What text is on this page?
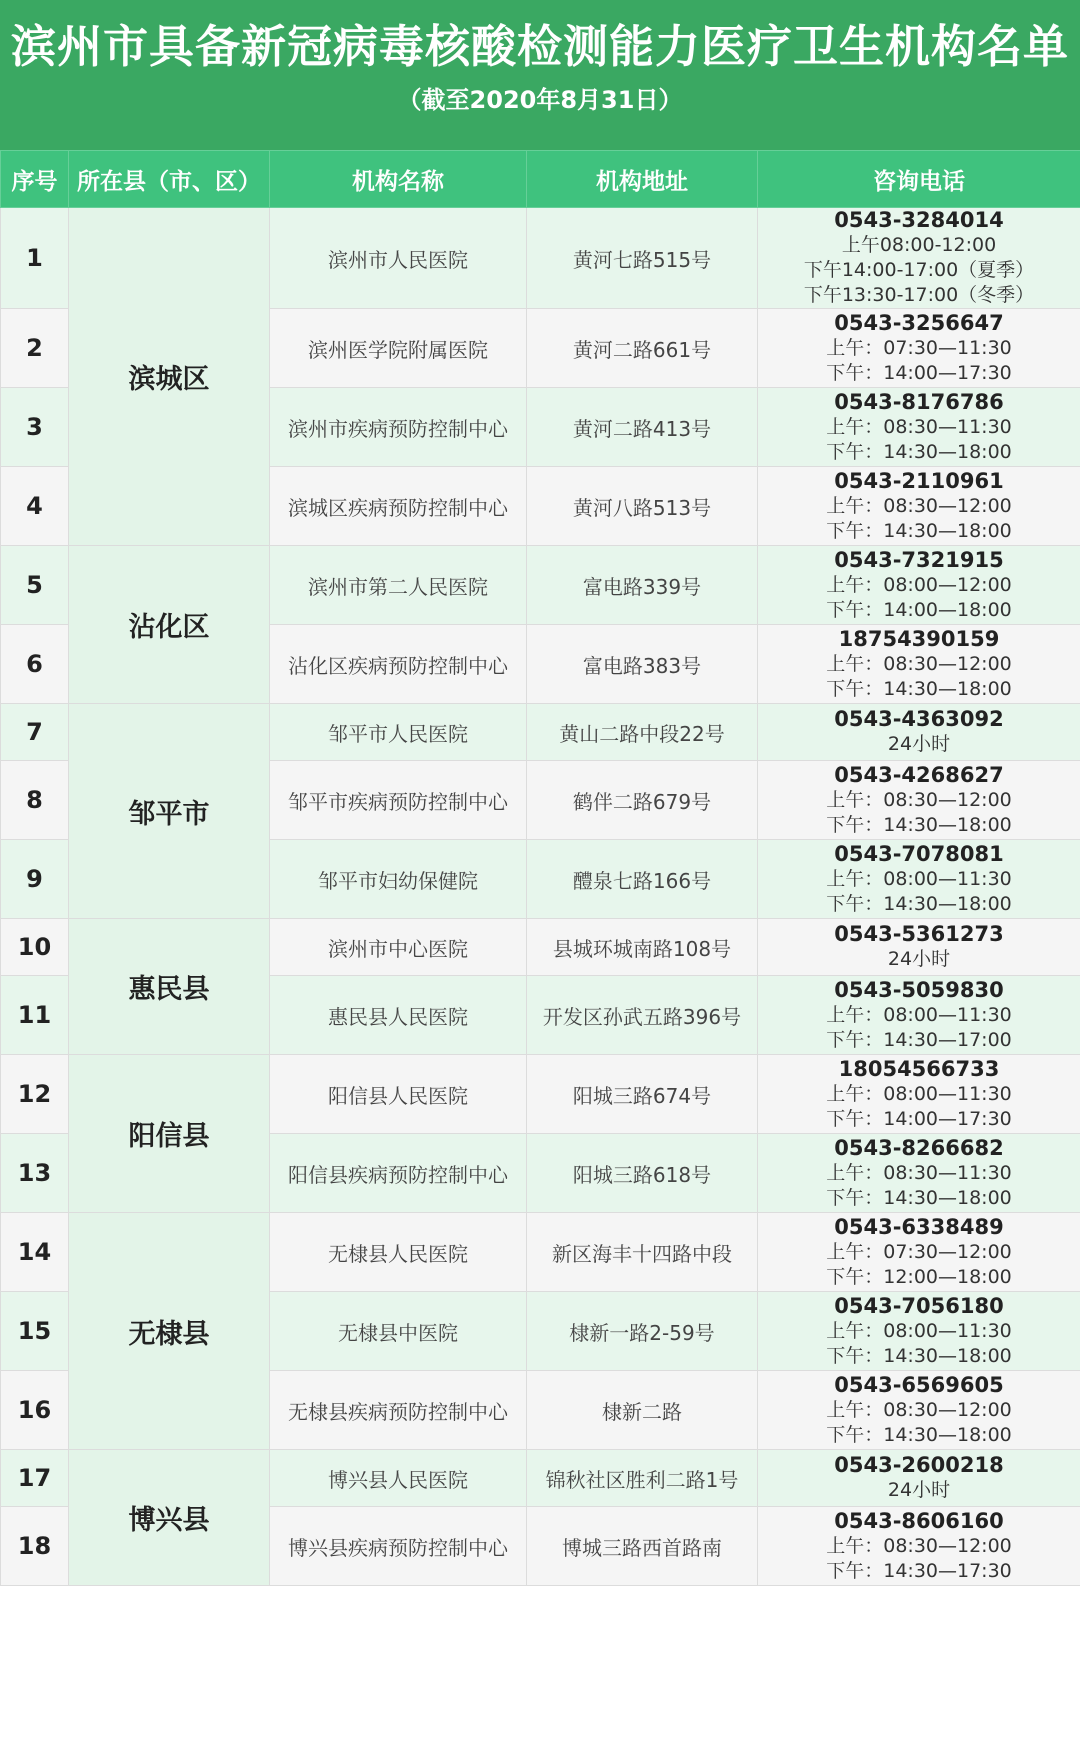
滨州市具备新冠病毒核酸检测能力医疗卫生机构名单
（截至2020年8月31日）
序号	所在县（市、区）	机构名称	机构地址	咨询电话
1	滨城区	滨州市人民医院	黄河七路515号	0543-3284014
上午08:00-12:00
下午14:00-17:00（夏季）
下午13:30-17:00（冬季）

2		滨州医学院附属医院	黄河二路661号	0543-3256647
上午：07:30—11:30
下午：14:00—17:30

3		滨州市疾病预防控制中心	黄河二路413号	0543-8176786
上午：08:30—11:30
下午：14:30—18:00

4		滨城区疾病预防控制中心	黄河八路513号	0543-2110961
上午：08:30—12:00
下午：14:30—18:00

5	沾化区	滨州市第二人民医院	富电路339号	0543-7321915
上午：08:00—12:00
下午：14:00—18:00

6		沾化区疾病预防控制中心	富电路383号	18754390159
上午：08:30—12:00
下午：14:30—18:00

7	邹平市	邹平市人民医院	黄山二路中段22号	0543-4363092
24小时

8		邹平市疾病预防控制中心	鹤伴二路679号	0543-4268627
上午：08:30—12:00
下午：14:30—18:00

9		邹平市妇幼保健院	醴泉七路166号	0543-7078081
上午：08:00—11:30
下午：14:30—18:00

10	惠民县	滨州市中心医院	县城环城南路108号	0543-5361273
24小时

11		惠民县人民医院	开发区孙武五路396号	0543-5059830
上午：08:00—11:30
下午：14:30—17:00

12	阳信县	阳信县人民医院	阳城三路674号	18054566733
上午：08:00—11:30
下午：14:00—17:30

13		阳信县疾病预防控制中心	阳城三路618号	0543-8266682
上午：08:30—11:30
下午：14:30—18:00

14	无棣县	无棣县人民医院	新区海丰十四路中段	0543-6338489
上午：07:30—12:00
下午：12:00—18:00

15		无棣县中医院	棣新一路2-59号	0543-7056180
上午：08:00—11:30
下午：14:30—18:00

16		无棣县疾病预防控制中心	棣新二路	0543-6569605
上午：08:30—12:00
下午：14:30—18:00

17	博兴县	博兴县人民医院	锦秋社区胜利二路1号	0543-2600218
24小时

18		博兴县疾病预防控制中心	博城三路西首路南	0543-8606160
上午：08:30—12:00
下午：14:30—17:30
